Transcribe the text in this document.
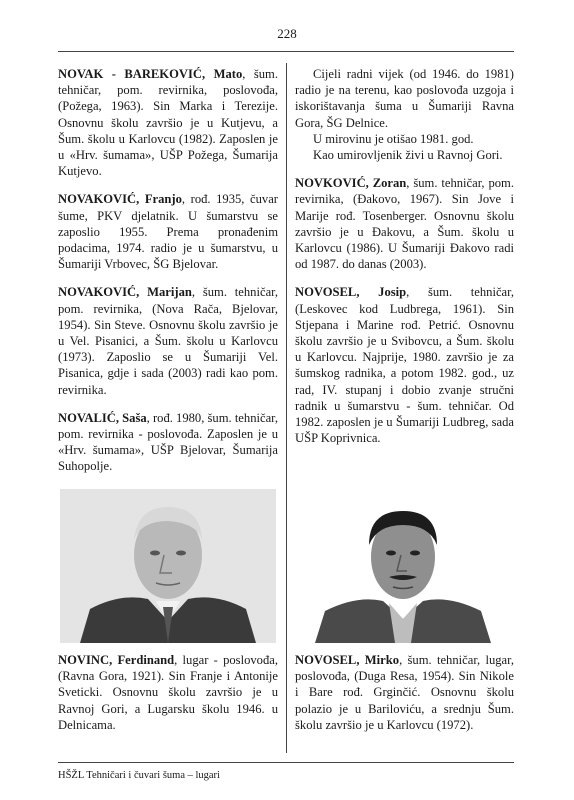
228

NOVAK - BAREKOVIĆ, Mato, šum. tehničar, pom. revirnika, poslovođa, (Požega, 1963). Sin Marka i Terezije. Osnovnu školu završio je u Kutjevu, a Šum. školu u Karlovcu (1982). Zaposlen je u «Hrv. šumama», UŠP Požega, Šumarija Kutjevo.

NOVAKOVIĆ, Franjo, rođ. 1935, čuvar šume, PKV djelatnik. U šumarstvu se zaposlio 1955. Prema pronađenim podacima, 1974. radio je u šumarstvu, u Šumariji Vrbovec, ŠG Bjelovar.

NOVAKOVIĆ, Marijan, šum. tehničar, pom. revirnika, (Nova Rača, Bjelovar, 1954). Sin Steve. Osnovnu školu završio je u Vel. Pisanici, a Šum. školu u Karlovcu (1973). Zaposlio se u Šumariji Vel. Pisanica, gdje i sada (2003) radi kao pom. revirnika.

NOVALIĆ, Saša, rođ. 1980, šum. tehničar, pom. revirnika - poslovođa. Zaposlen je u «Hrv. šumama», UŠP Bjelovar, Šumarija Suhopolje.

Cijeli radni vijek (od 1946. do 1981) radio je na terenu, kao poslovođa uzgoja i iskorištavanja šuma u Šumariji Ravna Gora, ŠG Delnice.

U mirovinu je otišao 1981. god.

Kao umirovljenik živi u Ravnoj Gori.

NOVKOVIĆ, Zoran, šum. tehničar, pom. revirnika, (Đakovo, 1967). Sin Jove i Marije rođ. Tosenberger. Osnovnu školu završio je u Đakovu, a Šum. školu u Karlovcu (1986). U Šumariji Đakovo radi od 1987. do danas (2003).

NOVOSEL, Josip, šum. tehničar, (Leskovec kod Ludbrega, 1961). Sin Stjepana i Marine rođ. Petrić. Osnovnu školu završio je u Svibovcu, a Šum. školu u Karlovcu. Najprije, 1980. završio je za šumskog radnika, a potom 1982. god., uz rad, IV. stupanj i dobio zvanje stručni radnik u šumarstvu - šum. tehničar. Od 1982. zaposlen je u Šumariji Ludbreg, sada UŠP Koprivnica.

NOVINC, Ferdinand, lugar - poslovođa, (Ravna Gora, 1921). Sin Franje i Antonije Sveticki. Osnovnu školu završio je u Ravnoj Gori, a Lugarsku školu 1946. u Delnicama.

NOVOSEL, Mirko, šum. tehničar, lugar, poslovođa, (Duga Resa, 1954). Sin Nikole i Bare rođ. Grginčić. Osnovnu školu polazio je u Bariloviću, a srednju Šum. školu završio je u Karlovcu (1972).

HŠŽL Tehničari i čuvari šuma – lugari
